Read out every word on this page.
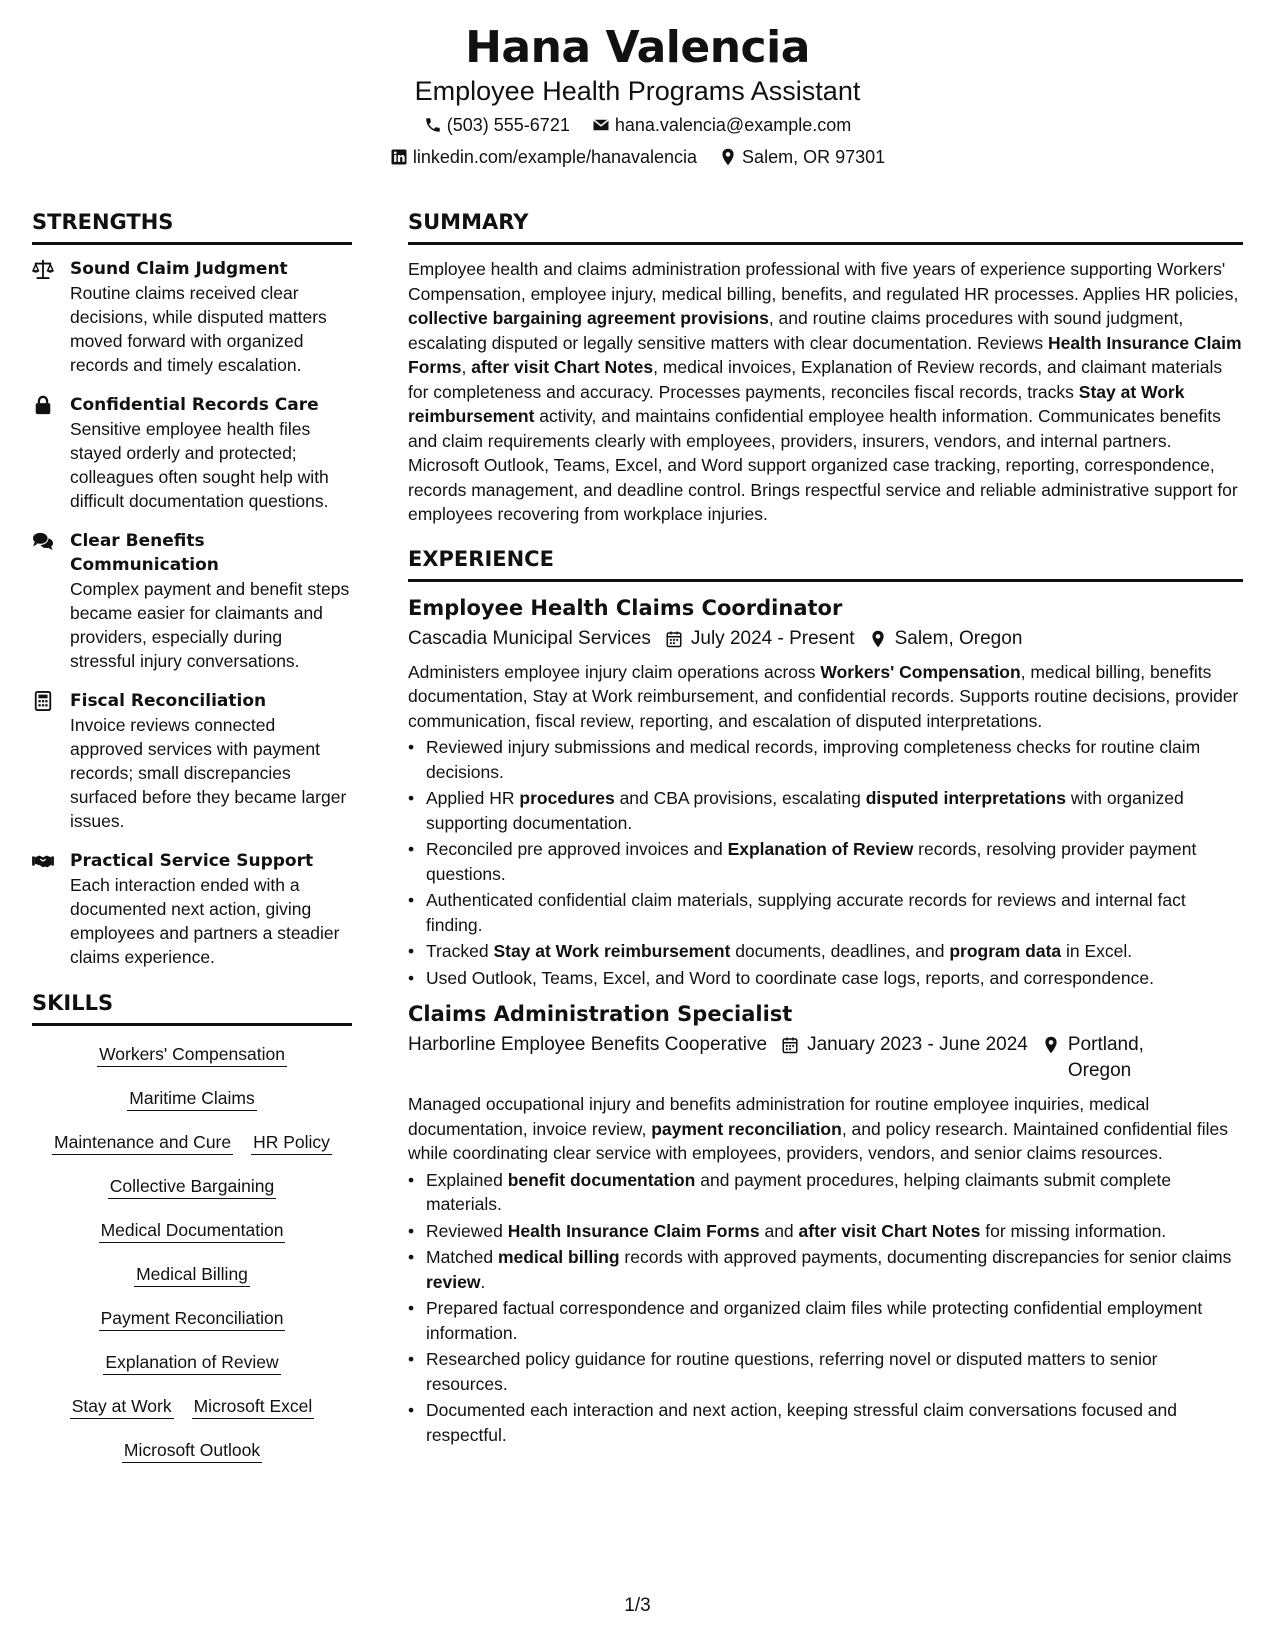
Hana Valencia
Employee Health Programs Assistant
(503) 555-6721	hana.valencia@example.com
linkedin.com/example/hanavalencia	Salem, OR 97301
STRENGTHS
Sound Claim Judgment
Routine claims received clear decisions, while disputed matters moved forward with organized records and timely escalation.
Confidential Records Care
Sensitive employee health files stayed orderly and protected; colleagues often sought help with difficult documentation questions.
Clear Benefits Communication
Complex payment and benefit steps became easier for claimants and providers, especially during stressful injury conversations.
Fiscal Reconciliation
Invoice reviews connected approved services with payment records; small discrepancies surfaced before they became larger issues.
Practical Service Support
Each interaction ended with a documented next action, giving employees and partners a steadier claims experience.
SKILLS
Workers' Compensation
Maritime Claims
Maintenance and Cure HR Policy
Collective Bargaining
Medical Documentation
Medical Billing
Payment Reconciliation
Explanation of Review
Stay at Work Microsoft Excel
Microsoft Outlook
SUMMARY

Employee health and claims administration professional with five years of experience supporting Workers' Compensation, employee injury, medical billing, benefits, and regulated HR processes. Applies HR policies, collective bargaining agreement provisions, and routine claims procedures with sound judgment, escalating disputed or legally sensitive matters with clear documentation. Reviews Health Insurance Claim Forms, after visit Chart Notes, medical invoices, Explanation of Review records, and claimant materials for completeness and accuracy. Processes payments, reconciles fiscal records, tracks Stay at Work reimbursement activity, and maintains confidential employee health information. Communicates benefits and claim requirements clearly with employees, providers, insurers, vendors, and internal partners. Microsoft Outlook, Teams, Excel, and Word support organized case tracking, reporting, correspondence, records management, and deadline control. Brings respectful service and reliable administrative support for employees recovering from workplace injuries.

EXPERIENCE
Employee Health Claims Coordinator
Cascadia Municipal Services July 2024 - Present Salem, Oregon

Administers employee injury claim operations across Workers' Compensation, medical billing, benefits documentation, Stay at Work reimbursement, and confidential records. Supports routine decisions, provider communication, fiscal review, reporting, and escalation of disputed interpretations.

• Reviewed injury submissions and medical records, improving completeness checks for routine claim decisions.
• Applied HR procedures and CBA provisions, escalating disputed interpretations with organized supporting documentation.
• Reconciled pre approved invoices and Explanation of Review records, resolving provider payment questions.
• Authenticated confidential claim materials, supplying accurate records for reviews and internal fact finding.
• Tracked Stay at Work reimbursement documents, deadlines, and program data in Excel.
• Used Outlook, Teams, Excel, and Word to coordinate case logs, reports, and correspondence.
Claims Administration Specialist
Harborline Employee Benefits Cooperative January 2023 - June 2024 Portland, Oregon

Managed occupational injury and benefits administration for routine employee inquiries, medical documentation, invoice review, payment reconciliation, and policy research. Maintained confidential files while coordinating clear service with employees, providers, vendors, and senior claims resources.

• Explained benefit documentation and payment procedures, helping claimants submit complete materials.
• Reviewed Health Insurance Claim Forms and after visit Chart Notes for missing information.
• Matched medical billing records with approved payments, documenting discrepancies for senior claims review.
• Prepared factual correspondence and organized claim files while protecting confidential employment information.
• Researched policy guidance for routine questions, referring novel or disputed matters to senior resources.
• Documented each interaction and next action, keeping stressful claim conversations focused and respectful.
1/3
